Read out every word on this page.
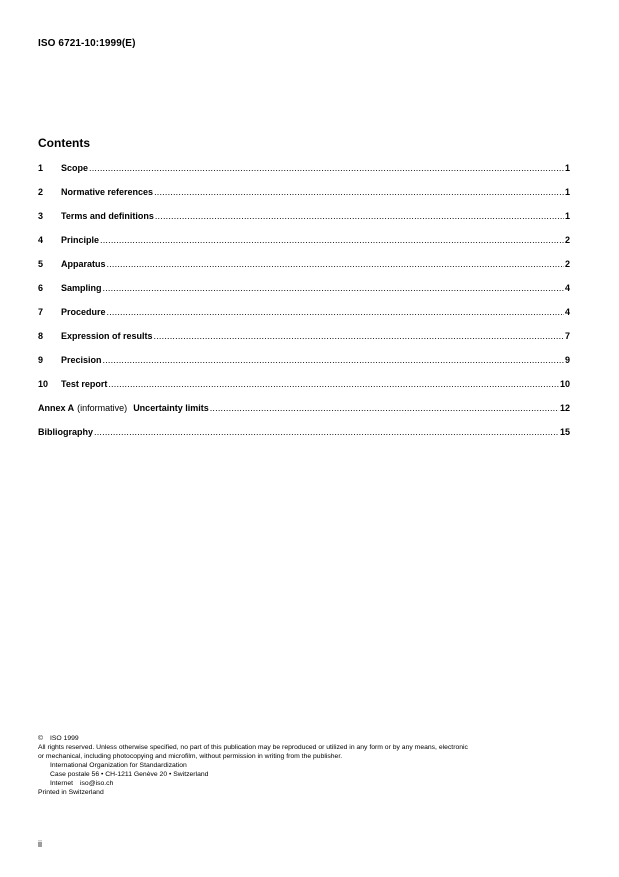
ISO 6721-10:1999(E)
Contents
1	Scope .....	1
2	Normative references .....	1
3	Terms and definitions .....	1
4	Principle .....	2
5	Apparatus .....	2
6	Sampling .....	4
7	Procedure .....	4
8	Expression of results .....	7
9	Precision .....	9
10	Test report .....	10
Annex A (informative) Uncertainty limits .....	12
Bibliography .....	15
© ISO 1999
All rights reserved. Unless otherwise specified, no part of this publication may be reproduced or utilized in any form or by any means, electronic
or mechanical, including photocopying and microfilm, without permission in writing from the publisher.
International Organization for Standardization
Case postale 56 • CH-1211 Genève 20 • Switzerland
Internet iso@iso.ch
Printed in Switzerland
ii
